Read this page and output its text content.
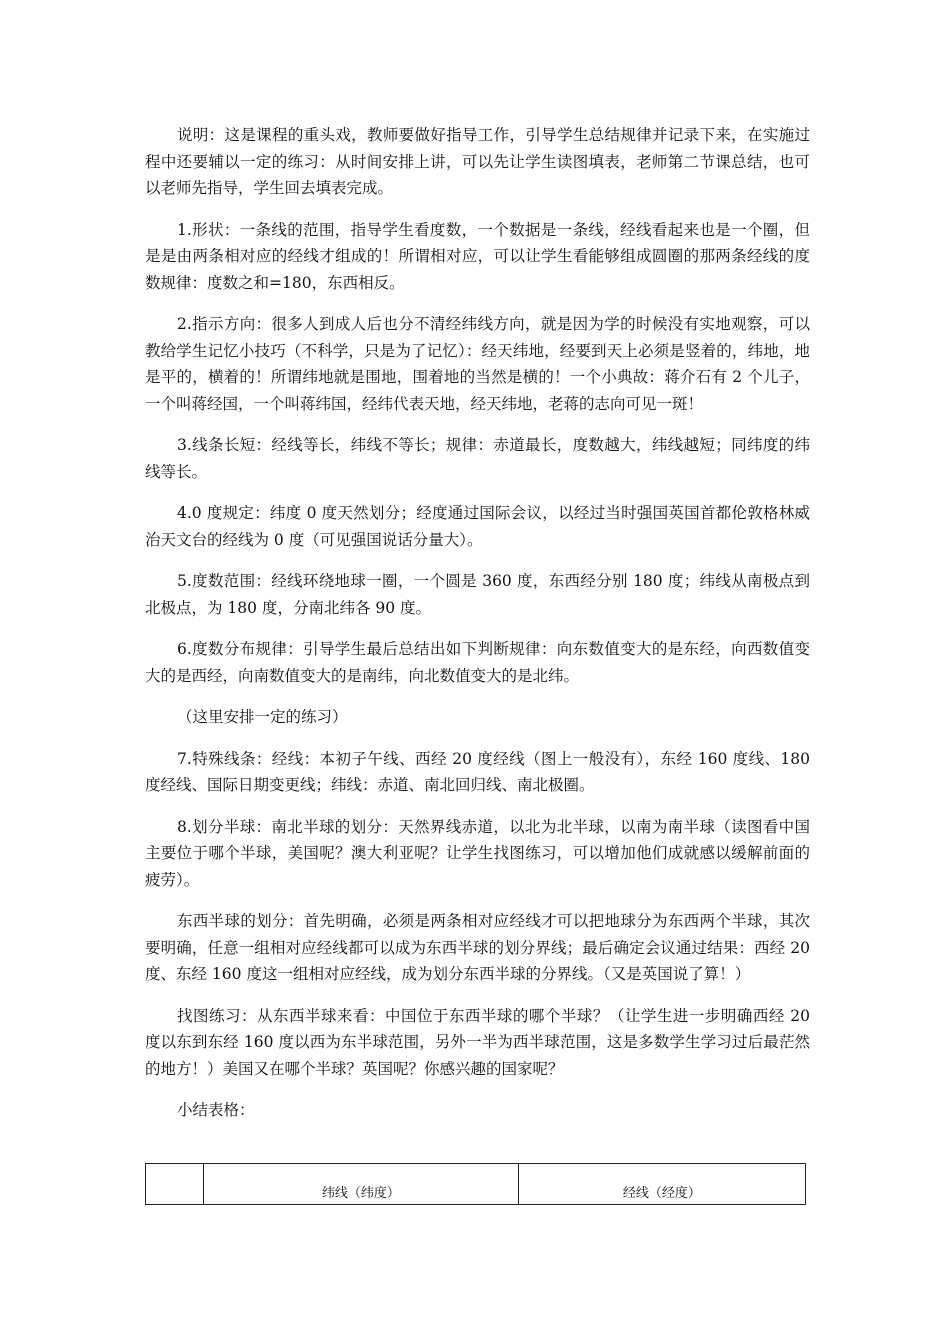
说明：这是课程的重头戏，教师要做好指导工作，引导学生总结规律并记录下来，在实施过程中还要辅以一定的练习：从时间安排上讲，可以先让学生读图填表，老师第二节课总结，也可以老师先指导，学生回去填表完成。

1.形状：一条线的范围，指导学生看度数，一个数据是一条线，经线看起来也是一个圈，但是是由两条相对应的经线才组成的！所谓相对应，可以让学生看能够组成圆圈的那两条经线的度数规律：度数之和=180，东西相反。

2.指示方向：很多人到成人后也分不清经纬线方向，就是因为学的时候没有实地观察，可以教给学生记忆小技巧（不科学，只是为了记忆）：经天纬地，经要到天上必须是竖着的，纬地，地是平的，横着的！所谓纬地就是围地，围着地的当然是横的！一个小典故：蒋介石有 2 个儿子，一个叫蒋经国，一个叫蒋纬国，经纬代表天地，经天纬地，老蒋的志向可见一斑！

3.线条长短：经线等长，纬线不等长；规律：赤道最长，度数越大，纬线越短；同纬度的纬线等长。

4.0 度规定：纬度 0 度天然划分；经度通过国际会议，以经过当时强国英国首都伦敦格林威治天文台的经线为 0 度（可见强国说话分量大）。

5.度数范围：经线环绕地球一圈，一个圆是 360 度，东西经分别 180 度；纬线从南极点到北极点，为 180 度，分南北纬各 90 度。

6.度数分布规律：引导学生最后总结出如下判断规律：向东数值变大的是东经，向西数值变大的是西经，向南数值变大的是南纬，向北数值变大的是北纬。

（这里安排一定的练习）

7.特殊线条：经线：本初子午线、西经 20 度经线（图上一般没有），东经 160 度线、180 度经线、国际日期变更线；纬线：赤道、南北回归线、南北极圈。

8.划分半球：南北半球的划分：天然界线赤道，以北为北半球，以南为南半球（读图看中国主要位于哪个半球，美国呢？澳大利亚呢？让学生找图练习，可以增加他们成就感以缓解前面的疲劳）。

东西半球的划分：首先明确，必须是两条相对应经线才可以把地球分为东西两个半球，其次要明确，任意一组相对应经线都可以成为东西半球的划分界线；最后确定会议通过结果：西经 20 度、东经 160 度这一组相对应经线，成为划分东西半球的分界线。（又是英国说了算！）

找图练习：从东西半球来看：中国位于东西半球的哪个半球？（让学生进一步明确西经 20 度以东到东经 160 度以西为东半球范围，另外一半为西半球范围，这是多数学生学习过后最茫然的地方！）美国又在哪个半球？英国呢？你感兴趣的国家呢？

小结表格：

	纬线（纬度）	经线（经度）
